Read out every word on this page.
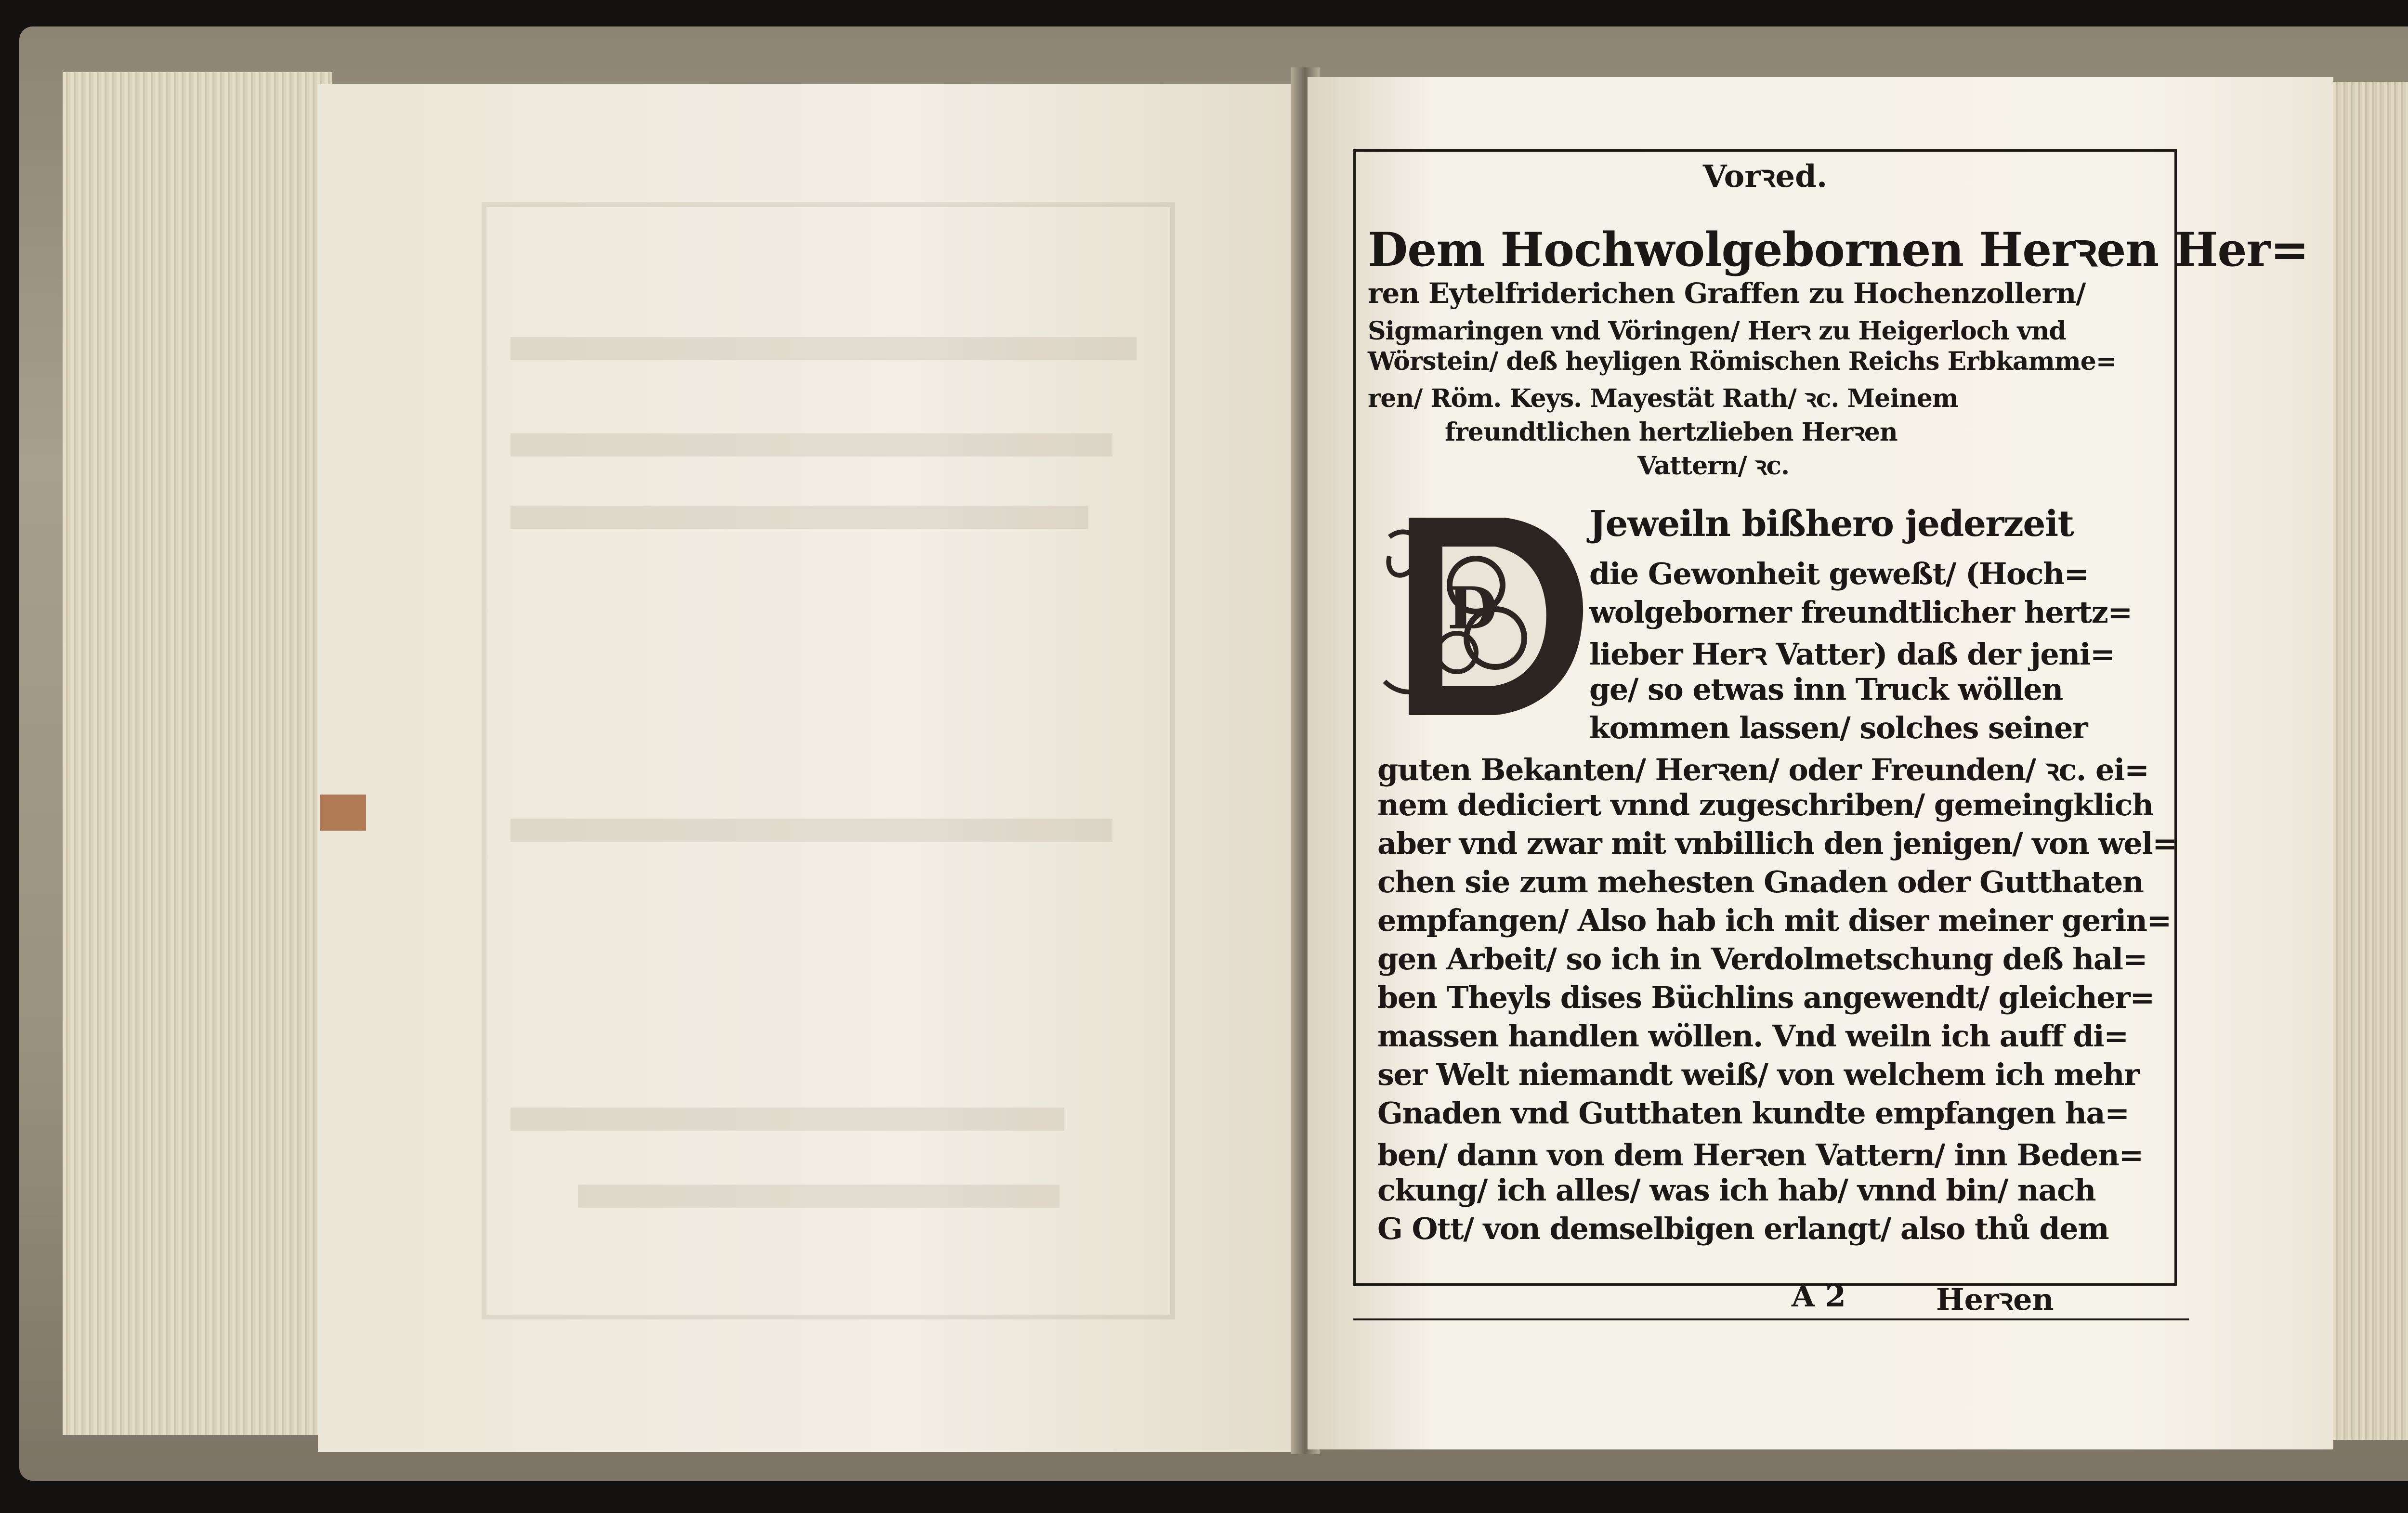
Vorꝛed.
Dem Hochwolgebornen Herꝛen Her=
ren Eytelfriderichen Graffen zu Hochenzollern/
Sigmaringen vnd Vöringen/ Herꝛ zu Heigerloch vnd
Wörstein/ deß heyligen Römischen Reichs Erbkamme=
ren/ Röm. Keys. Mayestät Rath/ ꝛc. Meinem
freundtlichen hertzlieben Herꝛen
Vattern/ ꝛc.
D
Jeweiln bißhero jederzeit
die Gewonheit geweßt/ (Hoch=
wolgeborner freundtlicher hertz=
lieber Herꝛ Vatter) daß der jeni=
ge/ so etwas inn Truck wöllen
kommen lassen/ solches seiner
guten Bekanten/ Herꝛen/ oder Freunden/ ꝛc. ei=
nem dediciert vnnd zugeschriben/ gemeingklich
aber vnd zwar mit vnbillich den jenigen/ von wel=
chen sie zum mehesten Gnaden oder Gutthaten
empfangen/ Also hab ich mit diser meiner gerin=
gen Arbeit/ so ich in Verdolmetschung deß hal=
ben Theyls dises Büchlins angewendt/ gleicher=
massen handlen wöllen. Vnd weiln ich auff di=
ser Welt niemandt weiß/ von welchem ich mehr
Gnaden vnd Gutthaten kundte empfangen ha=
ben/ dann von dem Herꝛen Vattern/ inn Beden=
ckung/ ich alles/ was ich hab/ vnnd bin/ nach
G Ott/ von demselbigen erlangt/ also thů dem
A 2	Herꝛen
